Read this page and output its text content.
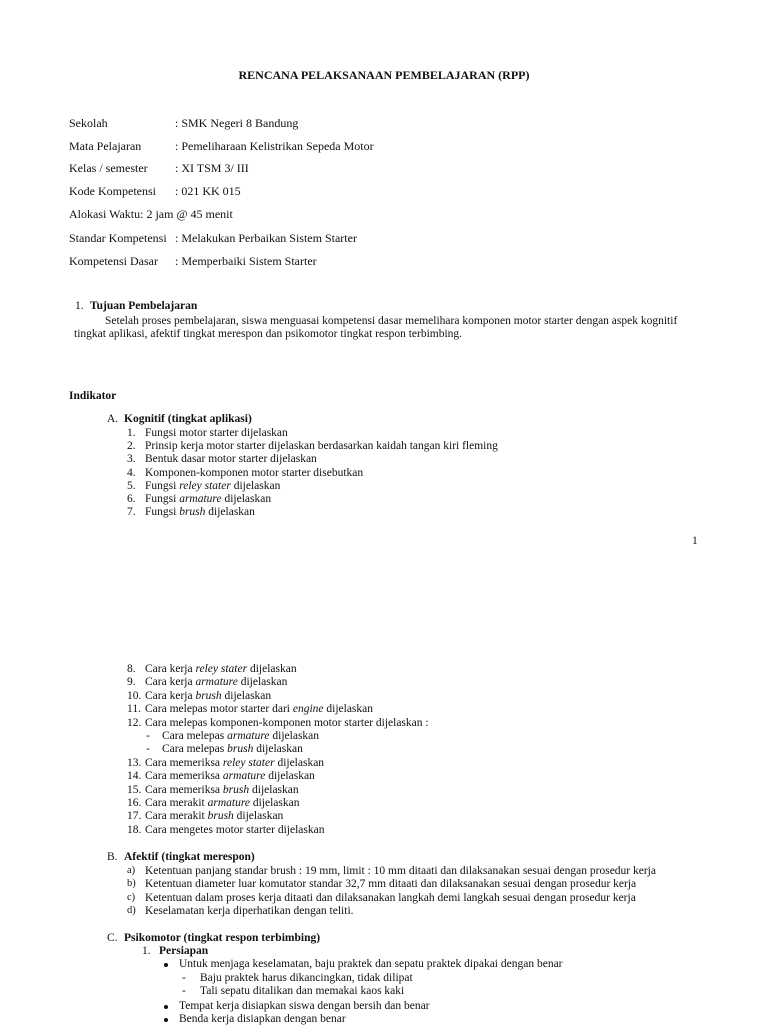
RENCANA PELAKSANAAN PEMBELAJARAN (RPP)
Sekolah	: SMK Negeri 8 Bandung
Mata Pelajaran	: Pemeliharaan Kelistrikan Sepeda Motor
Kelas / semester : XI TSM 3/ III
Kode Kompetensi : 021 KK 015
Alokasi Waktu: 2 jam @ 45 menit
Standar Kompetensi : Melakukan Perbaikan Sistem Starter
Kompetensi Dasar : Memperbaiki Sistem Starter
1. Tujuan Pembelajaran
Setelah proses pembelajaran, siswa menguasai kompetensi dasar memelihara komponen motor starter dengan aspek kognitif
tingkat aplikasi, afektif tingkat merespon dan psikomotor tingkat respon terbimbing.
Indikator
A. Kognitif (tingkat aplikasi)
1. Fungsi motor starter dijelaskan
2. Prinsip kerja motor starter dijelaskan berdasarkan kaidah tangan kiri fleming
3. Bentuk dasar motor starter dijelaskan
4. Komponen-komponen motor starter disebutkan
5. Fungsi reley stater dijelaskan
6. Fungsi armature dijelaskan
7. Fungsi brush dijelaskan
1
8. Cara kerja reley stater dijelaskan
9. Cara kerja armature dijelaskan
10. Cara kerja brush dijelaskan
11. Cara melepas motor starter dari engine dijelaskan
12. Cara melepas komponen-komponen motor starter dijelaskan :
- Cara melepas armature dijelaskan
- Cara melepas brush dijelaskan
13. Cara memeriksa reley stater dijelaskan
14. Cara memeriksa armature dijelaskan
15. Cara memeriksa brush dijelaskan
16. Cara merakit armature dijelaskan
17. Cara merakit brush dijelaskan
18. Cara mengetes motor starter dijelaskan
B. Afektif (tingkat merespon)
a) Ketentuan panjang standar brush : 19 mm, limit : 10 mm ditaati dan dilaksanakan sesuai dengan prosedur kerja
b) Ketentuan diameter luar komutator standar 32,7 mm ditaati dan dilaksanakan sesuai dengan prosedur kerja
c) Ketentuan dalam proses kerja ditaati dan dilaksanakan langkah demi langkah sesuai dengan prosedur kerja
d) Keselamatan kerja diperhatikan dengan teliti.
C. Psikomotor (tingkat respon terbimbing)
1. Persiapan
Untuk menjaga keselamatan, baju praktek dan sepatu praktek dipakai dengan benar
- Baju praktek harus dikancingkan, tidak dilipat
- Tali sepatu ditalikan dan memakai kaos kaki
Tempat kerja disiapkan siswa dengan bersih dan benar
Benda kerja disiapkan dengan benar
